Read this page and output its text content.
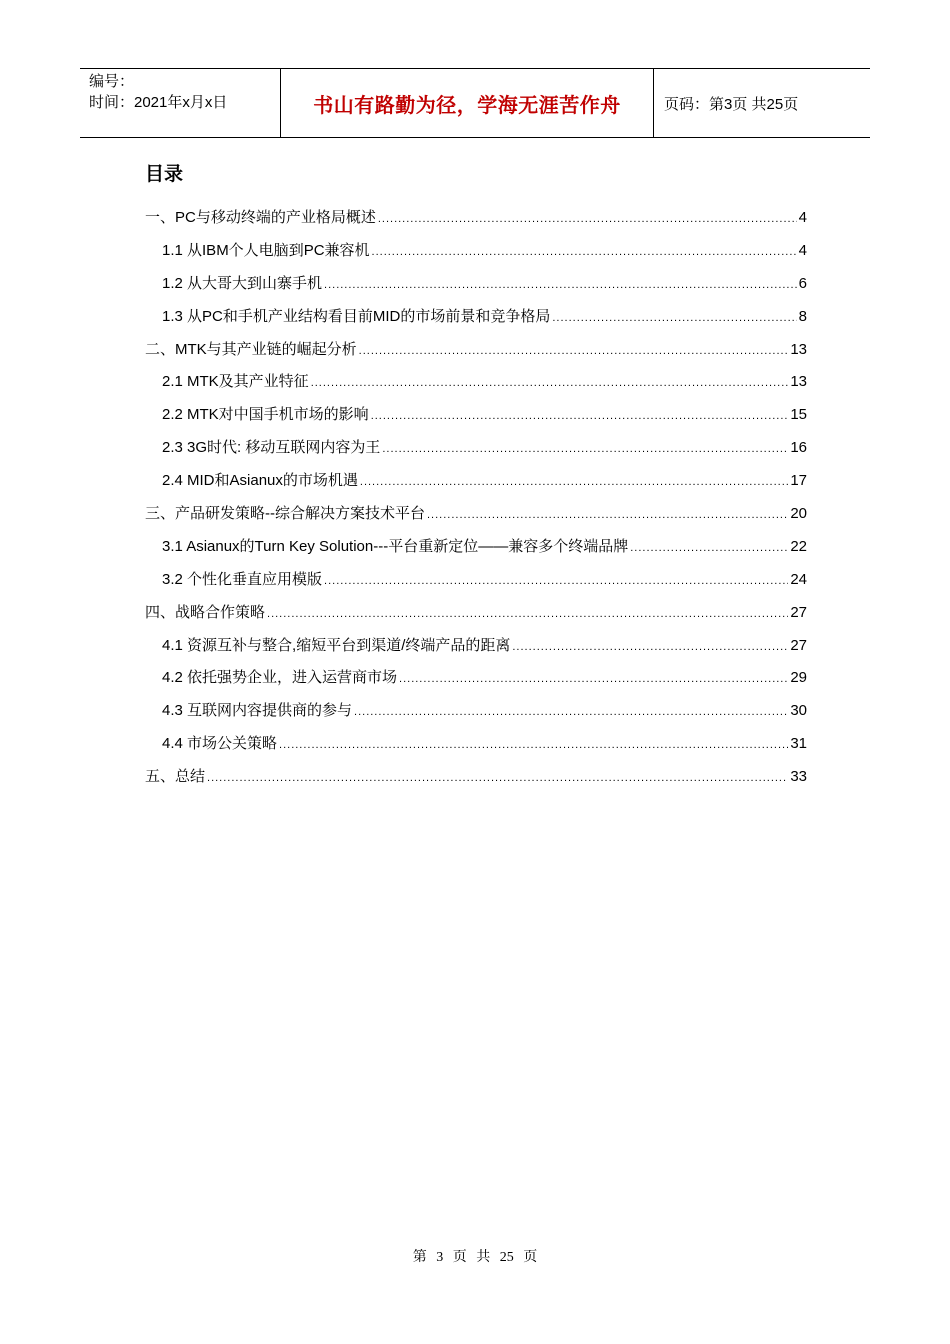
编号：
时间：2021年x月x日	书山有路勤为径，学海无涯苦作舟	页码：第3页 共25页
目录
一、PC与移动终端的产业格局概述 .....	4
1.1 从IBM个人电脑到PC兼容机 .....	4
1.2 从大哥大到山寨手机 .....	6
1.3 从PC和手机产业结构看目前MID的市场前景和竞争格局 .....	8
二、MTK与其产业链的崛起分析 .....	13
2.1 MTK及其产业特征 .....	13
2.2 MTK对中国手机市场的影响 .....	15
2.3 3G时代: 移动互联网内容为王 .....	16
2.4 MID和Asianux的市场机遇 .....	17
三、产品研发策略--综合解决方案技术平台 .....	20
3.1 Asianux的Turn Key Solution---平台重新定位——兼容多个终端品牌 .....	22
3.2 个性化垂直应用模版 .....	24
四、战略合作策略 .....	27
4.1 资源互补与整合,缩短平台到渠道/终端产品的距离 .....	27
4.2 依托强势企业，进入运营商市场 .....	29
4.3 互联网内容提供商的参与 .....	30
4.4 市场公关策略 .....	31
五、总结 .....	33
第 3 页 共 25 页
